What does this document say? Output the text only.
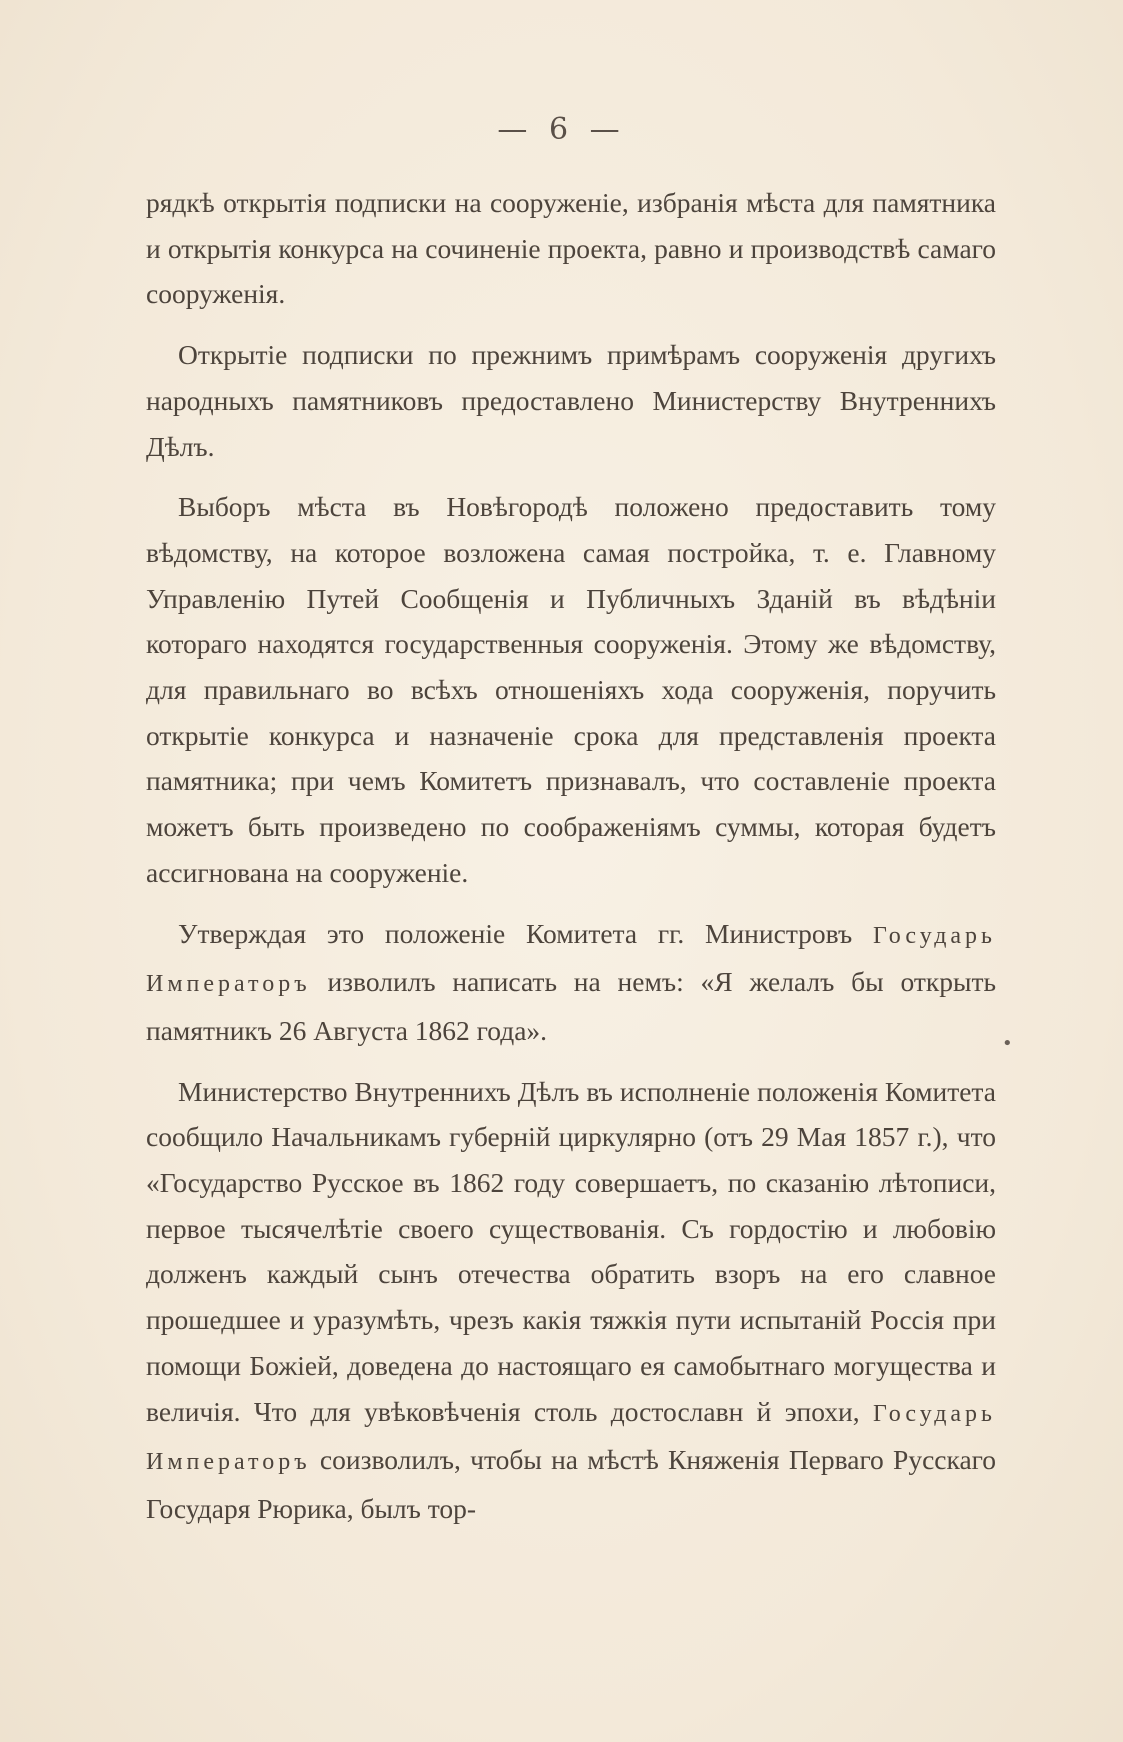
— 6 —

рядкѣ открытія подписки на сооруженіе, избранія мѣста для памятника и открытія конкурса на сочиненіе проекта, равно и производствѣ самаго сооруженія.

Открытіе подписки по прежнимъ примѣрамъ сооруженія другихъ народныхъ памятниковъ предоставлено Министерству Внутреннихъ Дѣлъ.

Выборъ мѣста въ Новѣгородѣ положено предоставить тому вѣдомству, на которое возложена самая постройка, т. е. Главному Управленію Путей Сообщенія и Публичныхъ Зданій въ вѣдѣніи котораго находятся государственныя сооруженія. Этому же вѣдомству, для правильнаго во всѣхъ отношеніяхъ хода сооруженія, поручить открытіе конкурса и назначеніе срока для представленія проекта памятника; при чемъ Комитетъ признавалъ, что составленіе проекта можетъ быть произведено по соображеніямъ суммы, которая будетъ ассигнована на сооруженіе.

Утверждая это положеніе Комитета гг. Министровъ Государь Императоръ изволилъ написать на немъ: «Я желалъ бы открыть памятникъ 26 Августа 1862 года».

Министерство Внутреннихъ Дѣлъ въ исполненіе положенія Комитета сообщило Начальникамъ губерній циркулярно (отъ 29 Мая 1857 г.), что «Государство Русское въ 1862 году совершаетъ, по сказанію лѣтописи, первое тысячелѣтіе своего существованія. Съ гордостію и любовію долженъ каждый сынъ отечества обратить взоръ на его славное прошедшее и уразумѣть, чрезъ какія тяжкія пути испытаній Россія при помощи Божіей, доведена до настоящаго ея самобытнаго могущества и величія. Что для увѣковѣченія столь достославн й эпохи, Государь Императоръ соизволилъ, чтобы на мѣстѣ Княженія Перваго Русскаго Государя Рюрика, былъ тор-

•
